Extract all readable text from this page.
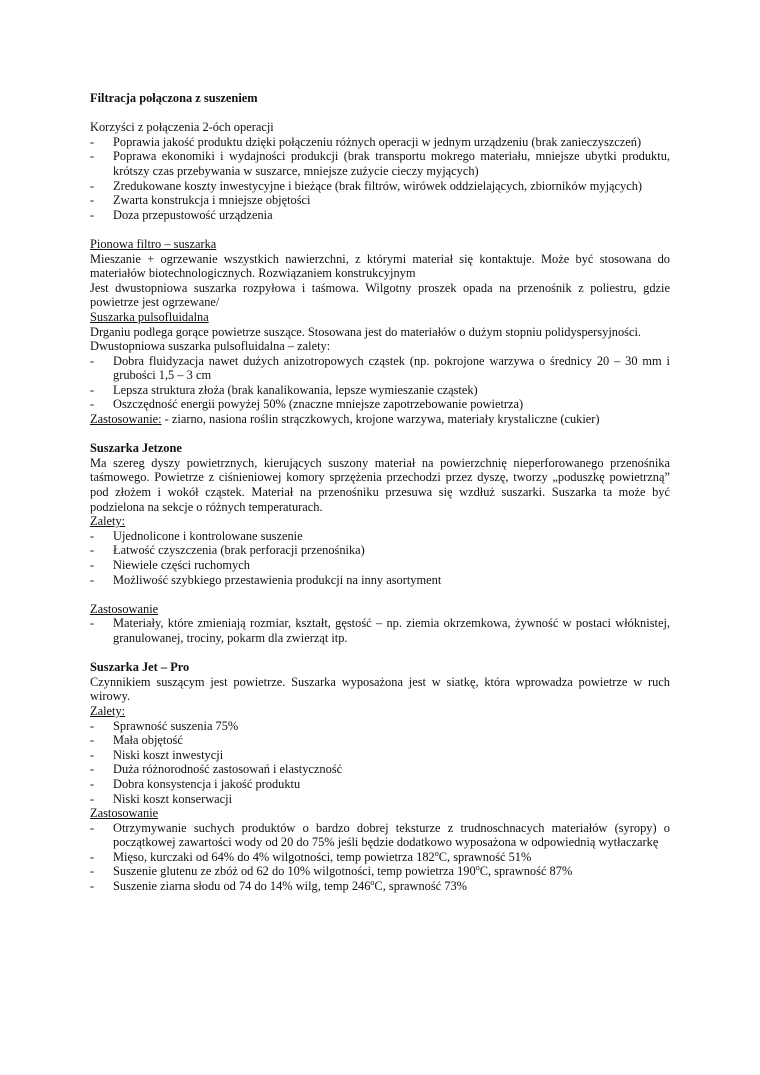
Filtracja połączona z suszeniem

Korzyści z połączenia 2-óch operacji

- Poprawia jakość produktu dzięki połączeniu różnych operacji w jednym urządzeniu (brak zanieczyszczeń)
- Poprawa ekonomiki i wydajności produkcji (brak transportu mokrego materiału, mniejsze ubytki produktu, krótszy czas przebywania w suszarce, mniejsze zużycie cieczy myjących)
- Zredukowane koszty inwestycyjne i bieżące (brak filtrów, wirówek oddzielających, zbiorników myjących)
- Zwarta konstrukcja i mniejsze objętości
- Doza przepustowość urządzenia

Pionowa filtro – suszarka

Mieszanie + ogrzewanie wszystkich nawierzchni, z którymi materiał się kontaktuje. Może być stosowana do materiałów biotechnologicznych. Rozwiązaniem konstrukcyjnym

Jest dwustopniowa suszarka rozpyłowa i taśmowa. Wilgotny proszek opada na przenośnik z poliestru, gdzie powietrze jest ogrzewane/

Suszarka pulsofluidalna

Drganiu podlega gorące powietrze suszące. Stosowana jest do materiałów o dużym stopniu polidyspersyjności.

Dwustopniowa suszarka pulsofluidalna – zalety:

- Dobra fluidyzacja nawet dużych anizotropowych cząstek (np. pokrojone warzywa o średnicy 20 – 30 mm i grubości 1,5 – 3 cm
- Lepsza struktura złoża (brak kanalikowania, lepsze wymieszanie cząstek)
- Oszczędność energii powyżej 50% (znaczne mniejsze zapotrzebowanie powietrza)

Zastosowanie: - ziarno, nasiona roślin strączkowych, krojone warzywa, materiały krystaliczne (cukier)

Suszarka Jetzone

Ma szereg dyszy powietrznych, kierujących suszony materiał na powierzchnię nieperforowanego przenośnika taśmowego. Powietrze z ciśnieniowej komory sprzężenia przechodzi przez dyszę, tworzy „poduszkę powietrzną” pod złożem i wokół cząstek. Materiał na przenośniku przesuwa się wzdłuż suszarki. Suszarka ta może być podzielona na sekcje o różnych temperaturach.

Zalety:

- Ujednolicone i kontrolowane suszenie
- Łatwość czyszczenia (brak perforacji przenośnika)
- Niewiele części ruchomych
- Możliwość szybkiego przestawienia produkcji na inny asortyment

Zastosowanie

- Materiały, które zmieniają rozmiar, kształt, gęstość – np. ziemia okrzemkowa, żywność w postaci włóknistej, granulowanej, trociny, pokarm dla zwierząt itp.

Suszarka Jet – Pro

Czynnikiem suszącym jest powietrze. Suszarka wyposażona jest w siatkę, która wprowadza powietrze w ruch wirowy.

Zalety:

- Sprawność suszenia 75%
- Mała objętość
- Niski koszt inwestycji
- Duża różnorodność zastosowań i elastyczność
- Dobra konsystencja i jakość produktu
- Niski koszt konserwacji

Zastosowanie

- Otrzymywanie suchych produktów o bardzo dobrej teksturze z trudnoschnacych materiałów (syropy) o początkowej zawartości wody od 20 do 75% jeśli będzie dodatkowo wyposażona w odpowiednią wytłaczarkę
- Mięso, kurczaki od 64% do 4% wilgotności, temp powietrza 182$^o$C, sprawność 51%
- Suszenie glutenu ze zbóż od 62 do 10% wilgotności, temp powietrza 190$^o$C, sprawność 87%
- Suszenie ziarna słodu od 74 do 14% wilg, temp 246$^o$C, sprawność 73%
